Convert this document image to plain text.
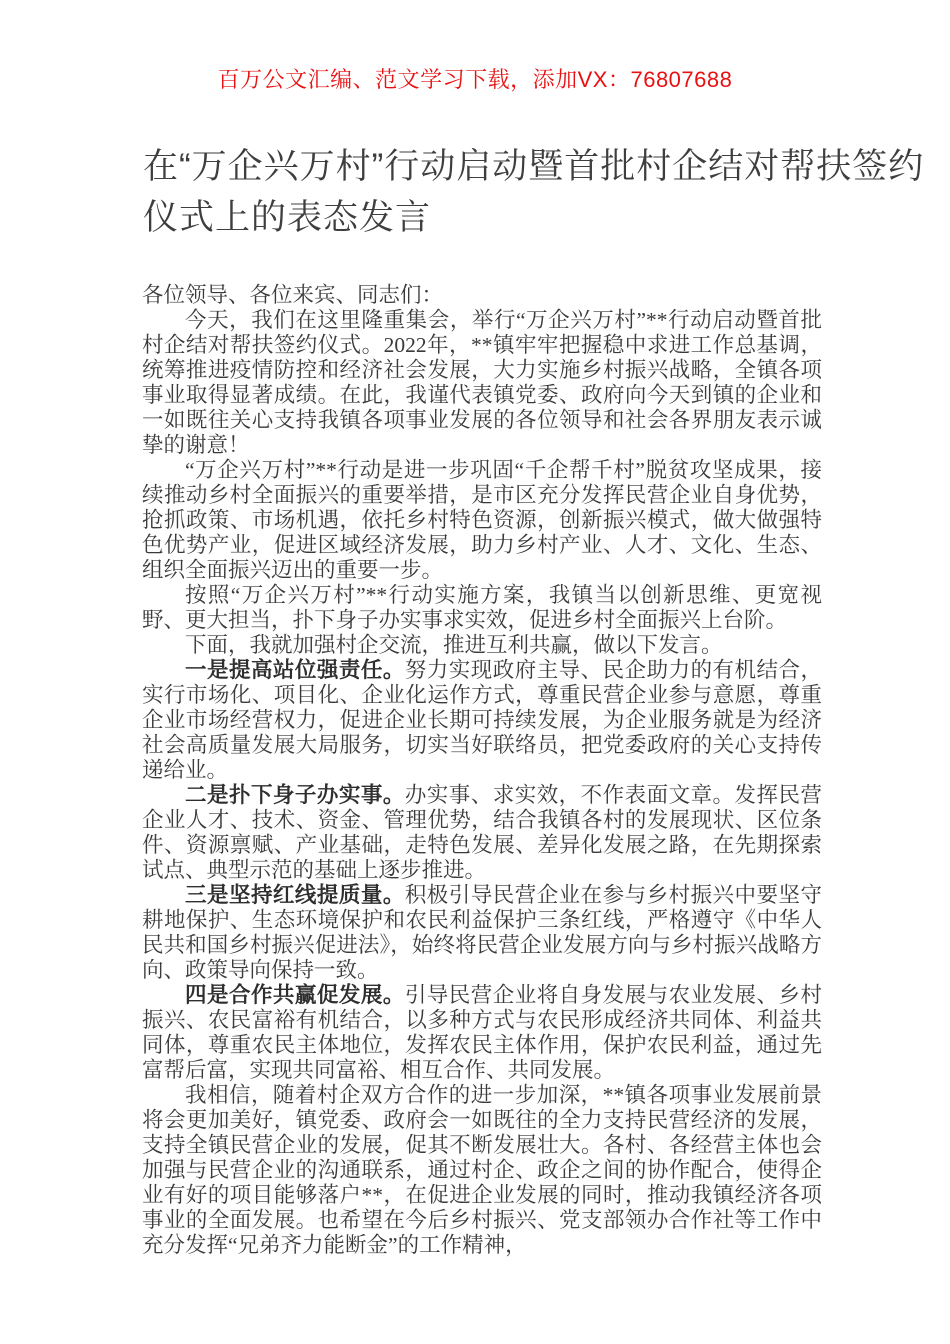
百万公文汇编、范文学习下载，添加VX：76807688
在“万企兴万村”行动启动暨首批村企结对帮扶签约
仪式上的表态发言

各位领导、各位来宾、同志们：

今天，我们在这里隆重集会，举行“万企兴万村”**行动启动暨首批村企结对帮扶签约仪式。2022年，**镇牢牢把握稳中求进工作总基调，统筹推进疫情防控和经济社会发展，大力实施乡村振兴战略，全镇各项事业取得显著成绩。在此，我谨代表镇党委、政府向今天到镇的企业和一如既往关心支持我镇各项事业发展的各位领导和社会各界朋友表示诚挚的谢意！

“万企兴万村”**行动是进一步巩固“千企帮千村”脱贫攻坚成果，接续推动乡村全面振兴的重要举措，是市区充分发挥民营企业自身优势，抢抓政策、市场机遇，依托乡村特色资源，创新振兴模式，做大做强特色优势产业，促进区域经济发展，助力乡村产业、人才、文化、生态、组织全面振兴迈出的重要一步。

按照“万企兴万村”**行动实施方案，我镇当以创新思维、更宽视野、更大担当，扑下身子办实事求实效，促进乡村全面振兴上台阶。

下面，我就加强村企交流，推进互利共赢，做以下发言。

一是提高站位强责任。努力实现政府主导、民企助力的有机结合，实行市场化、项目化、企业化运作方式，尊重民营企业参与意愿，尊重企业市场经营权力，促进企业长期可持续发展，为企业服务就是为经济社会高质量发展大局服务，切实当好联络员，把党委政府的关心支持传递给业。

二是扑下身子办实事。办实事、求实效，不作表面文章。发挥民营企业人才、技术、资金、管理优势，结合我镇各村的发展现状、区位条件、资源禀赋、产业基础，走特色发展、差异化发展之路，在先期探索试点、典型示范的基础上逐步推进。

三是坚持红线提质量。积极引导民营企业在参与乡村振兴中要坚守耕地保护、生态环境保护和农民利益保护三条红线，严格遵守《中华人民共和国乡村振兴促进法》，始终将民营企业发展方向与乡村振兴战略方向、政策导向保持一致。

四是合作共赢促发展。引导民营企业将自身发展与农业发展、乡村振兴、农民富裕有机结合，以多种方式与农民形成经济共同体、利益共同体，尊重农民主体地位，发挥农民主体作用，保护农民利益，通过先富帮后富，实现共同富裕、相互合作、共同发展。

我相信，随着村企双方合作的进一步加深，**镇各项事业发展前景将会更加美好，镇党委、政府会一如既往的全力支持民营经济的发展，支持全镇民营企业的发展，促其不断发展壮大。各村、各经营主体也会加强与民营企业的沟通联系，通过村企、政企之间的协作配合，使得企业有好的项目能够落户**，在促进企业发展的同时，推动我镇经济各项事业的全面发展。也希望在今后乡村振兴、党支部领办合作社等工作中充分发挥“兄弟齐力能断金”的工作精神，
